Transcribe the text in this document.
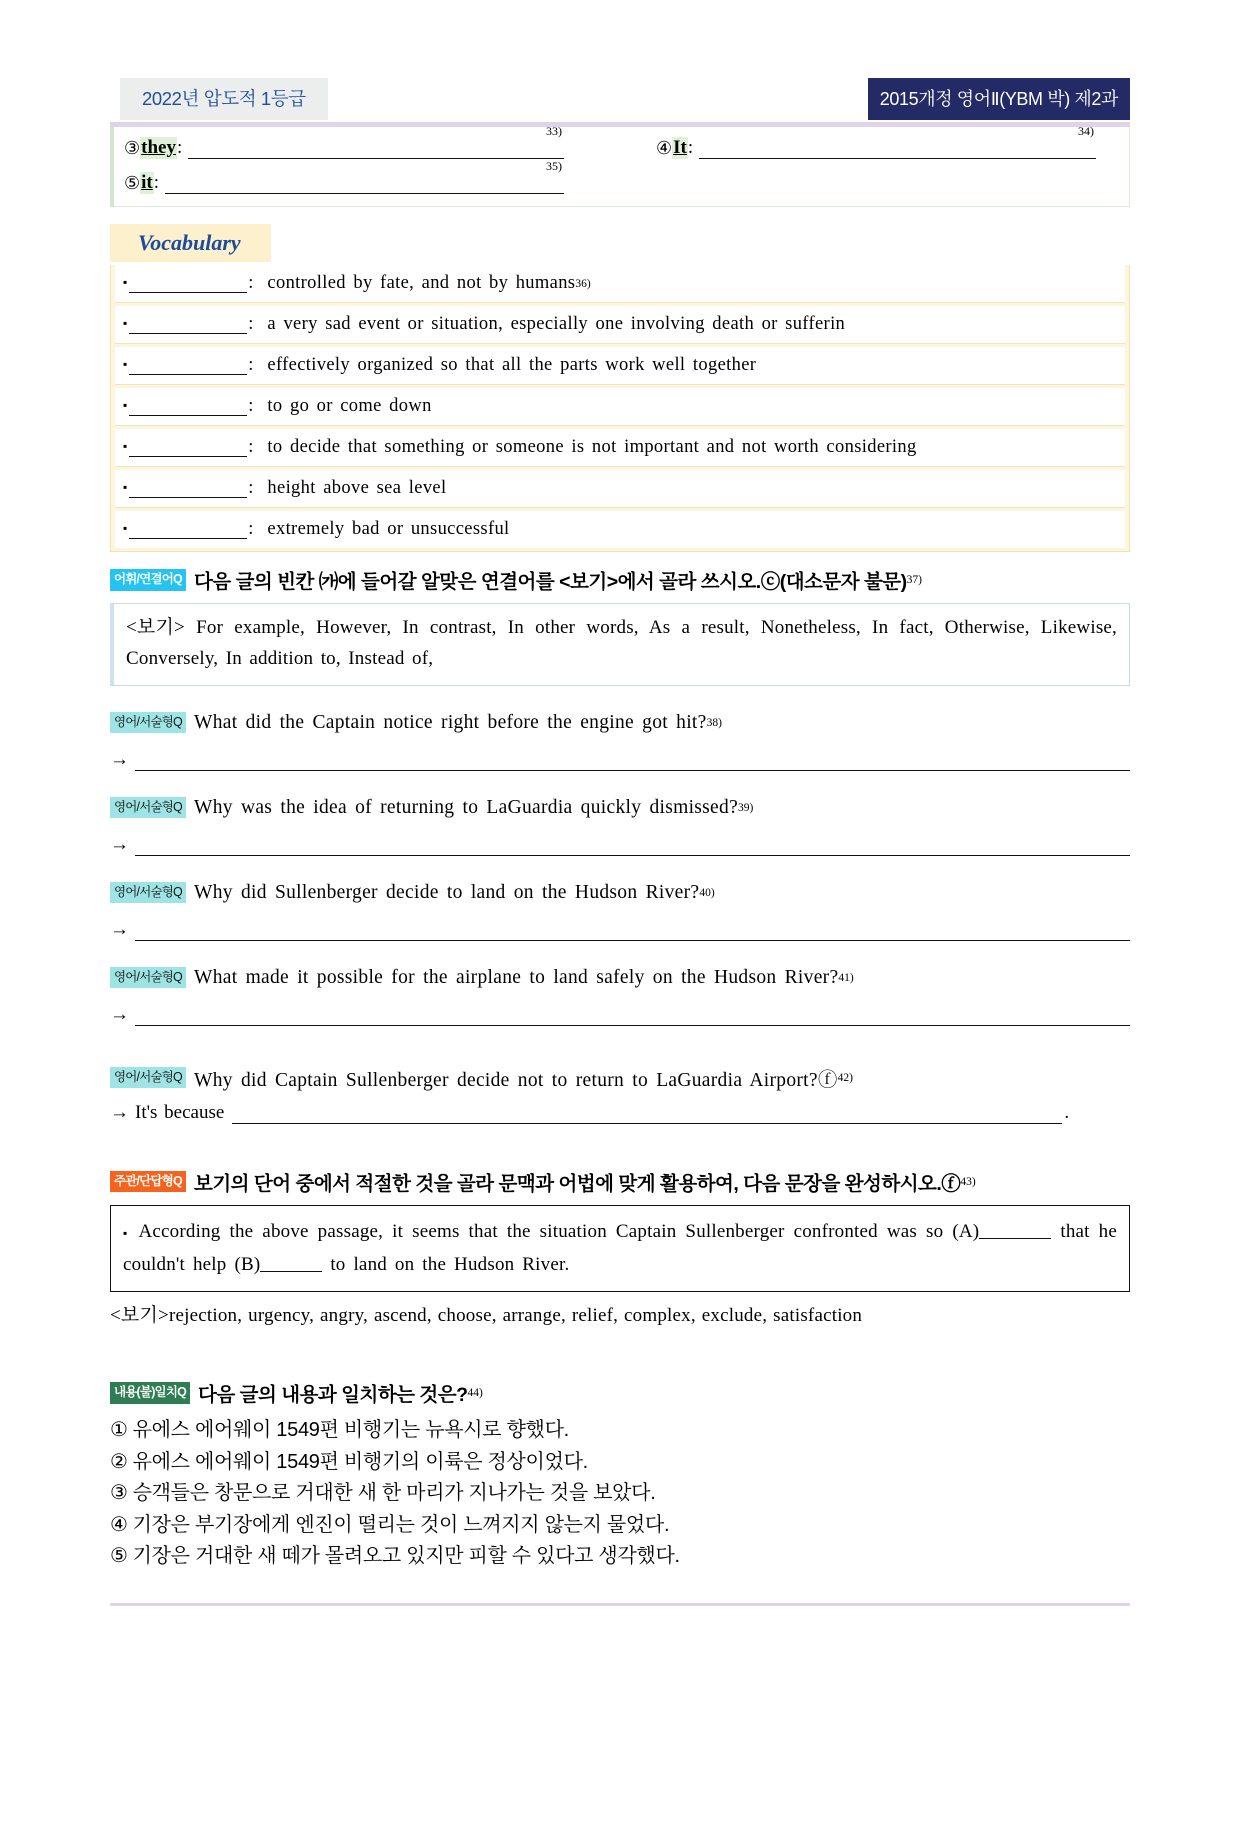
2022년 압도적 1등급	2015개정 영어Ⅱ(YBM 박) 제2과
③ they :
33)
④ It :
34)
⑤ it :
35)
Vocabulary
▪	: controlled by fate, and not by humans 36)
▪	: a very sad event or situation, especially one involving death or sufferin
▪	: effectively organized so that all the parts work well together
▪	: to go or come down
▪	: to decide that something or someone is not important and not worth considering
▪	: height above sea level
▪	: extremely bad or unsuccessful
어휘/연결어Q 다음 글의 빈칸 ㈎에 들어갈 알맞은 연결어를 <보기>에서 골라 쓰시오.ⓒ(대소문자 불문) 37)
<보기> For example, However, In contrast, In other words, As a result, Nonetheless, In fact, Otherwise, Likewise, Conversely, In addition to, Instead of,
영어/서술형Q What did the Captain notice right before the engine got hit? 38)
→
영어/서술형Q Why was the idea of returning to LaGuardia quickly dismissed? 39)
→
영어/서술형Q Why did Sullenberger decide to land on the Hudson River? 40)
→
영어/서술형Q What made it possible for the airplane to land safely on the Hudson River? 41)
→
영어/서술형Q Why did Captain Sullenberger decide not to return to LaGuardia Airport?ⓕ 42)
→ It's because	.
주관/단답형Q 보기의 단어 중에서 적절한 것을 골라 문맥과 어법에 맞게 활용하여, 다음 문장을 완성하시오.ⓕ 43)
▪ According the above passage, it seems that the situation Captain Sullenberger confronted was so (A)	that he couldn't help (B)	to land on the Hudson River.
<보기>rejection, urgency, angry, ascend, choose, arrange, relief, complex, exclude, satisfaction
내용(불)일치Q 다음 글의 내용과 일치하는 것은? 44)
① 유에스 에어웨이 1549편 비행기는 뉴욕시로 향했다.
② 유에스 에어웨이 1549편 비행기의 이륙은 정상이었다.
③ 승객들은 창문으로 거대한 새 한 마리가 지나가는 것을 보았다.
④ 기장은 부기장에게 엔진이 떨리는 것이 느껴지지 않는지 물었다.
⑤ 기장은 거대한 새 떼가 몰려오고 있지만 피할 수 있다고 생각했다.
